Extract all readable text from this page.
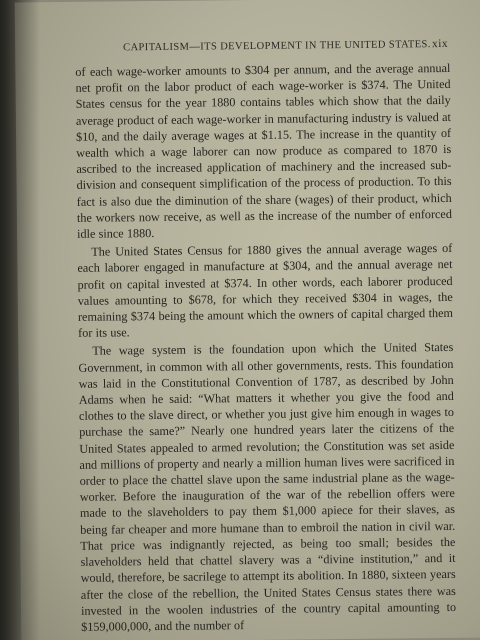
CAPITALISM—ITS DEVELOPMENT IN THE UNITED STATES. xix

of each wage-worker amounts to $304 per annum, and the average annual net profit on the labor product of each wage-worker is $374. The United States census for the year 1880 contains tables which show that the daily average product of each wage-worker in manufacturing industry is valued at $10, and the daily average wages at $1.15. The increase in the quantity of wealth which a wage laborer can now produce as compared to 1870 is ascribed to the increased application of machinery and the increased sub-division and consequent simplification of the process of production. To this fact is also due the diminution of the share (wages) of their product, which the workers now receive, as well as the increase of the number of enforced idle since 1880.

The United States Census for 1880 gives the annual average wages of each laborer engaged in manufacture at $304, and the annual average net profit on capital invested at $374. In other words, each laborer produced values amounting to $678, for which they received $304 in wages, the remaining $374 being the amount which the owners of capital charged them for its use.

The wage system is the foundation upon which the United States Government, in common with all other governments, rests. This foundation was laid in the Constitutional Convention of 1787, as described by John Adams when he said: “What matters it whether you give the food and clothes to the slave direct, or whether you just give him enough in wages to purchase the same?” Nearly one hundred years later the citizens of the United States appealed to armed revolution; the Constitution was set aside and millions of property and nearly a million human lives were sacrificed in order to place the chattel slave upon the same industrial plane as the wage-worker. Before the inauguration of the war of the rebellion offers were made to the slaveholders to pay them $1,000 apiece for their slaves, as being far cheaper and more humane than to embroil the nation in civil war. That price was indignantly rejected, as being too small; besides the slaveholders held that chattel slavery was a “divine institution,” and it would, therefore, be sacrilege to attempt its abolition. In 1880, sixteen years after the close of the rebellion, the United States Census states there was invested in the woolen industries of the country capital amounting to $159,000,000, and the number of
